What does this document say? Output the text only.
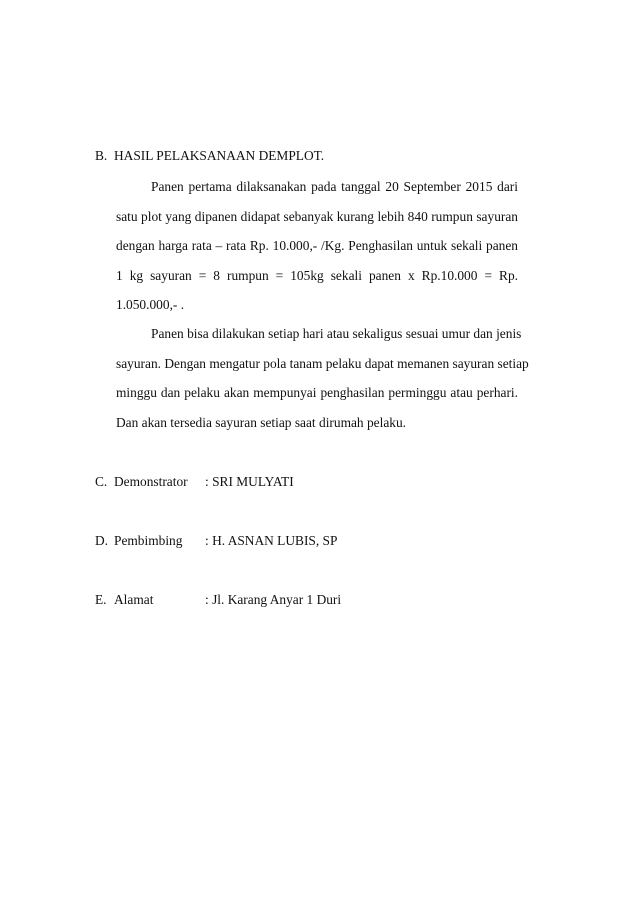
B. HASIL PELAKSANAAN DEMPLOT.
Panen pertama dilaksanakan pada tanggal 20 September 2015 dari
satu plot yang dipanen didapat sebanyak kurang lebih 840 rumpun sayuran
dengan harga rata – rata Rp. 10.000,- /Kg. Penghasilan untuk sekali panen
1 kg sayuran = 8 rumpun = 105kg sekali panen x Rp.10.000 = Rp.
1.050.000,- .
Panen bisa dilakukan setiap hari atau sekaligus sesuai umur dan jenis
sayuran. Dengan mengatur pola tanam pelaku dapat memanen sayuran setiap
minggu dan pelaku akan mempunyai penghasilan perminggu atau perhari.
Dan akan tersedia sayuran setiap saat dirumah pelaku.
C. Demonstrator : SRI MULYATI
D. Pembimbing : H. ASNAN LUBIS, SP
E. Alamat	: Jl. Karang Anyar 1 Duri
